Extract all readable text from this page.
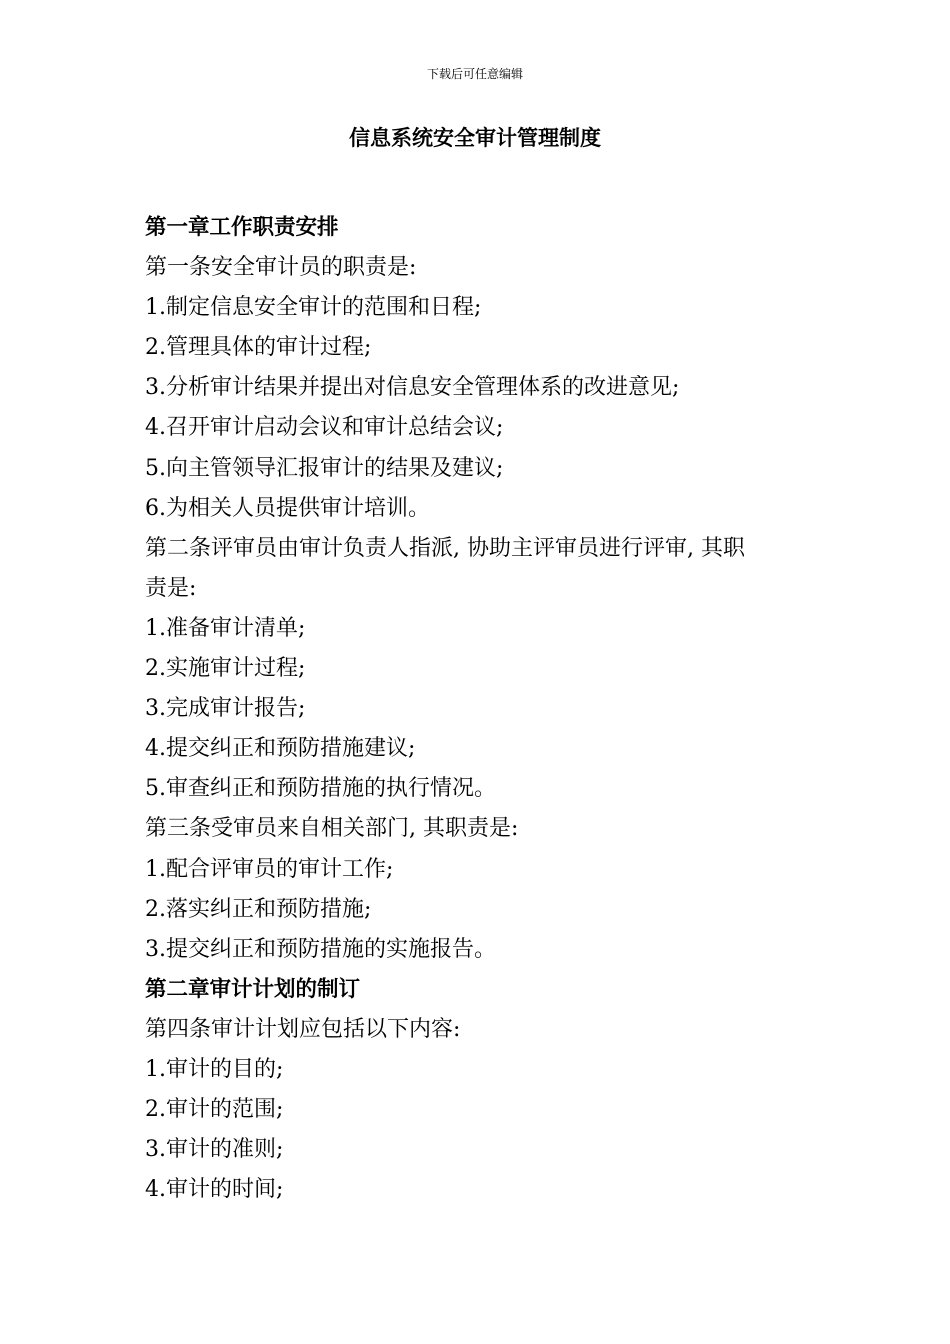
下载后可任意编辑
信息系统安全审计管理制度
第一章工作职责安排
第一条安全审计员的职责是:
1.制定信息安全审计的范围和日程;
2.管理具体的审计过程;
3.分析审计结果并提出对信息安全管理体系的改进意见;
4.召开审计启动会议和审计总结会议;
5.向主管领导汇报审计的结果及建议;
6.为相关人员提供审计培训。
第二条评审员由审计负责人指派, 协助主评审员进行评审, 其职
责是:
1.准备审计清单;
2.实施审计过程;
3.完成审计报告;
4.提交纠正和预防措施建议;
5.审查纠正和预防措施的执行情况。
第三条受审员来自相关部门, 其职责是:
1.配合评审员的审计工作;
2.落实纠正和预防措施;
3.提交纠正和预防措施的实施报告。
第二章审计计划的制订
第四条审计计划应包括以下内容:
1.审计的目的;
2.审计的范围;
3.审计的准则;
4.审计的时间;
